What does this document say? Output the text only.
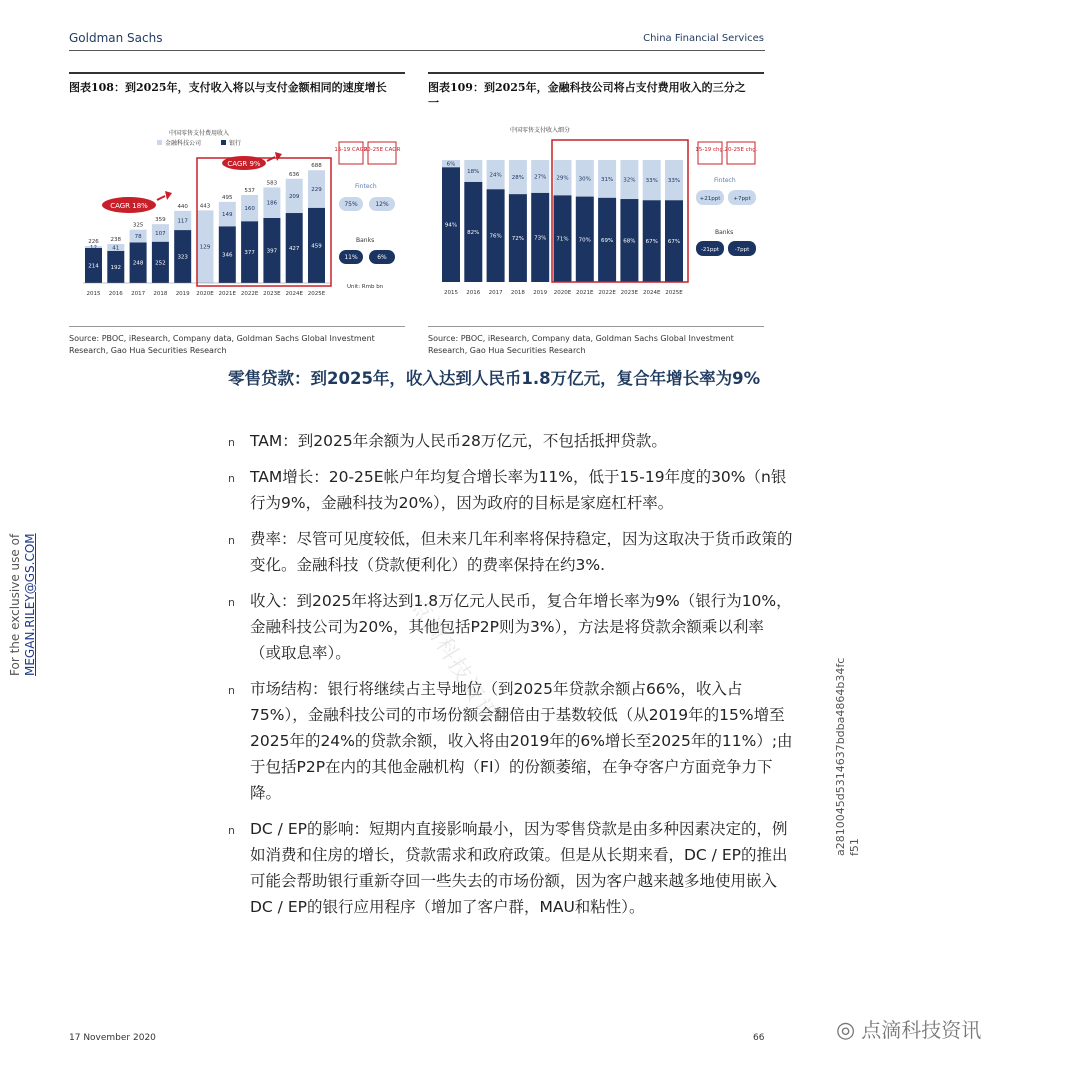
Goldman Sachs	China Financial Services
图表108：到2025年，支付收入将以与支付金额相同的速度增长
中国零售支付费用收入
金融科技公司	银行
214
12
226
2015
192
41
238
2016
248
78
325
2017
252
107
359
2018
323
117
440
2019
129
443
2020E
346
149
495
2021E
377
160
537
2022E
397
186
583
2023E
427
209
636
2024E
459
229
688
2025E
CAGR 18%
CAGR 9%
15-19 CAGR
20-25E CAGR
Fintech
75%	12%
Banks
11%	6%
Unit: Rmb bn
Source: PBOC, iResearch, Company data, Goldman Sachs Global Investment Research, Gao Hua Securities Research
图表109：到2025年，金融科技公司将占支付费用收入的三分之一
中国零售支付收入细分
6%
94%
2015
18%
82%
2016
24%
76%
2017
28%
72%
2018
27%
73%
2019
29%
71%
2020E
30%
70%
2021E
31%
69%
2022E
32%
68%
2023E
33%
67%
2024E
33%
67%
2025E
15-19 chg. 20-25E chg.
Fintech
+21ppt +7ppt
Banks
-21ppt	-7ppt
Source: PBOC, iResearch, Company data, Goldman Sachs Global Investment Research, Gao Hua Securities Research
零售贷款：到2025年，收入达到人民币1.8万亿元，复合年增长率为9%
n TAM：到2025年余额为人民币28万亿元，不包括抵押贷款。
n TAM增长：20-25E帐户年均复合增长率为11%，低于15-19年度的30%（n银行为9%，金融科技为20%），因为政府的目标是家庭杠杆率。
n 费率：尽管可见度较低，但未来几年利率将保持稳定，因为这取决于货币政策的变化。金融科技（贷款便利化）的费率保持在约3%.
n 收入：到2025年将达到1.8万亿元人民币，复合年增长率为9%（银行为10%，金融科技公司为20%，其他包括P2P则为3%），方法是将贷款余额乘以利率（或取息率）。
n 市场结构：银行将继续占主导地位（到2025年贷款余额占66%，收入占75%），金融科技公司的市场份额会翻倍由于基数较低（从2019年的15%增至2025年的24%的贷款余额，收入将由2019年的6%增长至2025年的11%）;由于包括P2P在内的其他金融机构（FI）的份额萎缩，在争夺客户方面竞争力下降。
n DC / EP的影响：短期内直接影响最小，因为零售贷款是由多种因素决定的，例如消费和住房的增长，贷款需求和政府政策。但是从长期来看，DC / EP的推出可能会帮助银行重新夺回一些失去的市场份额，因为客户越来越多地使用嵌入DC / EP的银行应用程序（增加了客户群，MAU和粘性）。
For the exclusive use of MEGAN.RILEY@GS.COM
a2810045d5314637bdba4864b34fc f51
点滴科技资讯
17 November 2020	66	◎ 点滴科技资讯
